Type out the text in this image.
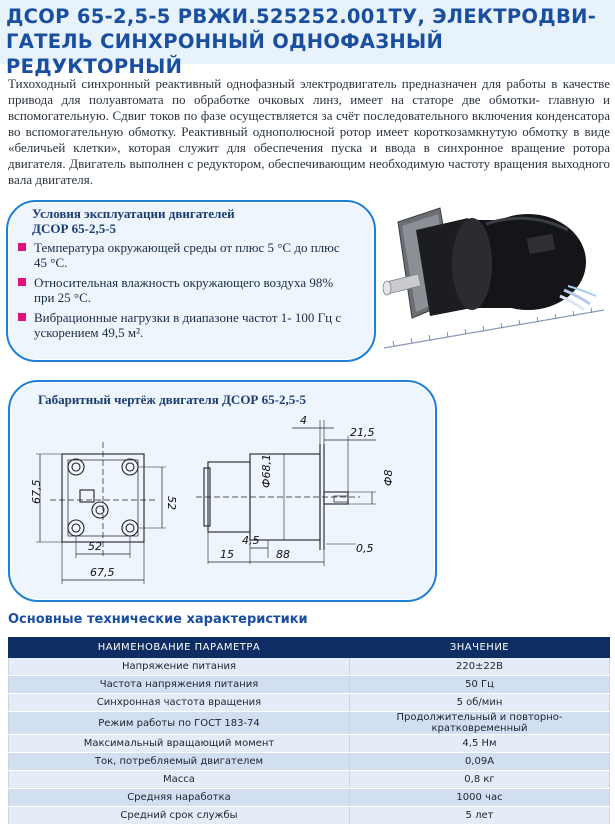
ДСОР 65-2,5-5 РВЖИ.525252.001ТУ, ЭЛЕКТРОДВИ-ГАТЕЛЬ СИНХРОННЫЙ ОДНОФАЗНЫЙ РЕДУКТОРНЫЙ
Тихоходный синхронный реактивный однофазный электродвигатель предназначен для работы в качестве привода для полуавтомата по обработке очковых линз, имеет на статоре две обмотки- главную и вспомогательную. Сдвиг токов по фазе осуществляется за счёт последовательного включения конденсатора во вспомогательную обмотку. Реактивный однополюсной ротор имеет короткозамкнутую обмотку в виде «беличьей клетки», которая служит для обеспечения пуска и ввода в синхронное вращение ротора двигателя. Двигатель выполнен с редуктором, обеспечивающим необходимую частоту вращения выходного вала двигателя.
Условия эксплуатации двигателей
ДСОР 65-2,5-5
Температура окружающей среды от плюс 5 °С до плюс 45 °С.
Относительная влажность окружающего воздуха 98% при 25 °С.
Вибрационные нагрузки в диапазоне частот 1- 100 Гц с ускорением 49,5 м².
Габаритный чертёж двигателя ДСОР 65-2,5-5
52
67,5
67,5	52
4
21,5
Ф8
Ф68,1
4,5
15	88	0,5
Основные технические характеристики
НАИМЕНОВАНИЕ ПАРАМЕТРА	ЗНАЧЕНИЕ
Напряжение питания	220±22В
Частота напряжения питания	50 Гц
Синхронная частота вращения	5 об/мин
Режим работы по ГОСТ 183-74	Продолжительный и повторно-кратковременный
Максимальный вращающий момент	4,5 Нм
Ток, потребляемый двигателем	0,09А
Масса	0,8 кг
Средняя наработка	1000 час
Средний срок службы	5 лет
